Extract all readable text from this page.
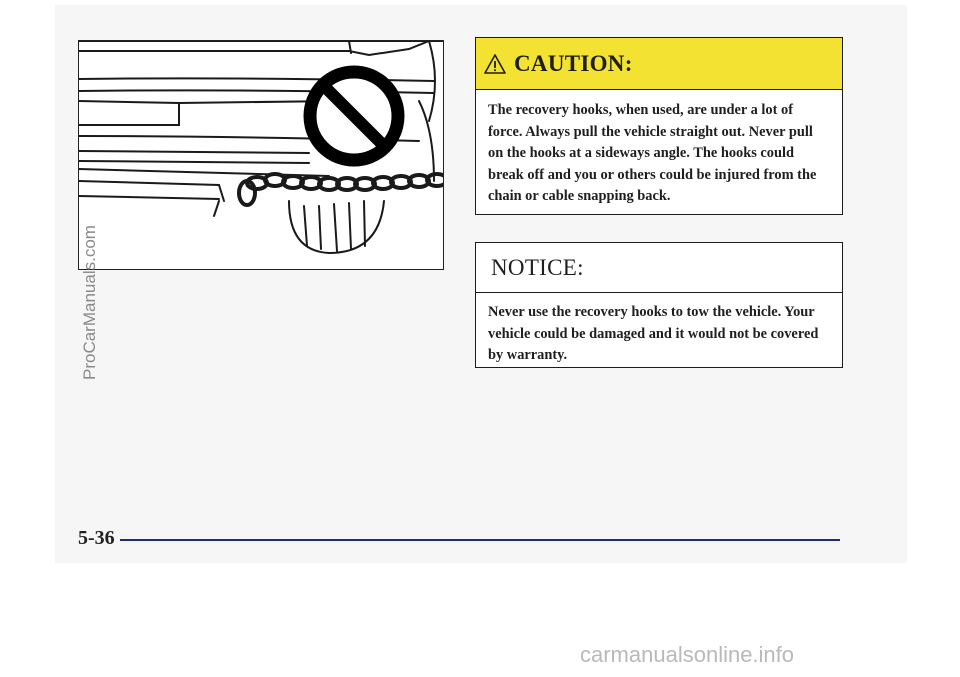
CAUTION:
The recovery hooks, when used, are under a lot of force. Always pull the vehicle straight out. Never pull on the hooks at a sideways angle. The hooks could break off and you or others could be injured from the chain or cable snapping back.
NOTICE:
Never use the recovery hooks to tow the vehicle. Your vehicle could be damaged and it would not be covered by warranty.
5-36
carmanualsonline.info
